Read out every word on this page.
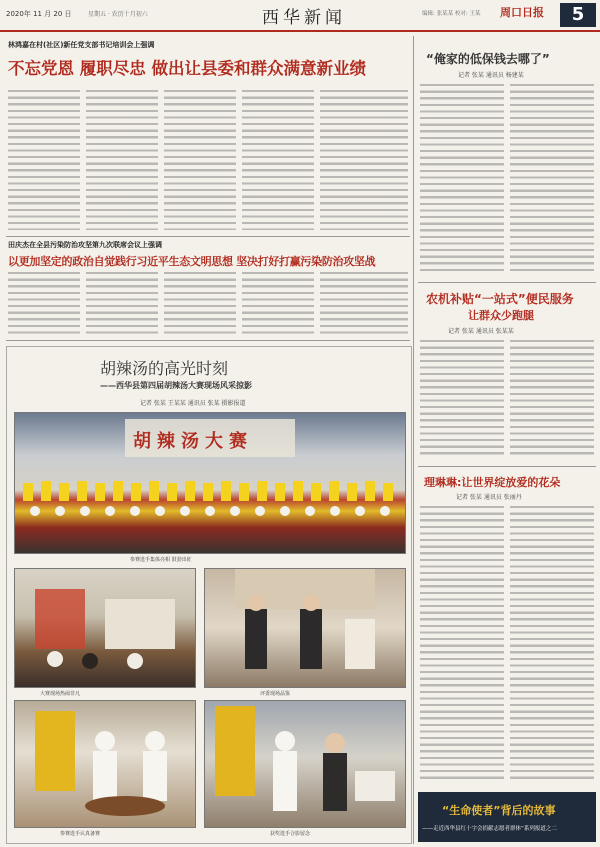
2020年 11 月 20 日	星期五 · 农历十月初六	西华新闻	编辑: 张某某 校对: 王某 周口日报	5
林鸿嘉在村(社区)新任党支部书记培训会上强调
不忘党恩 履职尽忠 做出让县委和群众满意新业绩
田庆杰在全县污染防治攻坚第九次联席会议上强调
以更加坚定的政治自觉践行习近平生态文明思想 坚决打好打赢污染防治攻坚战
胡辣汤的高光时刻
——西华县第四届胡辣汤大赛现场风采掠影
记者 张某 王某某 通讯员 张某 摄影报道
胡辣汤大赛
参赛选手集体亮相 鼓劲出征
大赛现场热闹非凡	评委现场品鉴
参赛选手认真备赛	获奖选手合影留念
“俺家的低保钱去哪了”
记者 张某 通讯员 杨建某
农机补贴“一站式”便民服务
让群众少跑腿
记者 张某 通讯员 张某某
理琳琳:让世界绽放爱的花朵
记者 张某 通讯员 张丽丹
“生命使者”背后的故事
——走近西华县红十字会捐献志愿者群体“系列报道之二
